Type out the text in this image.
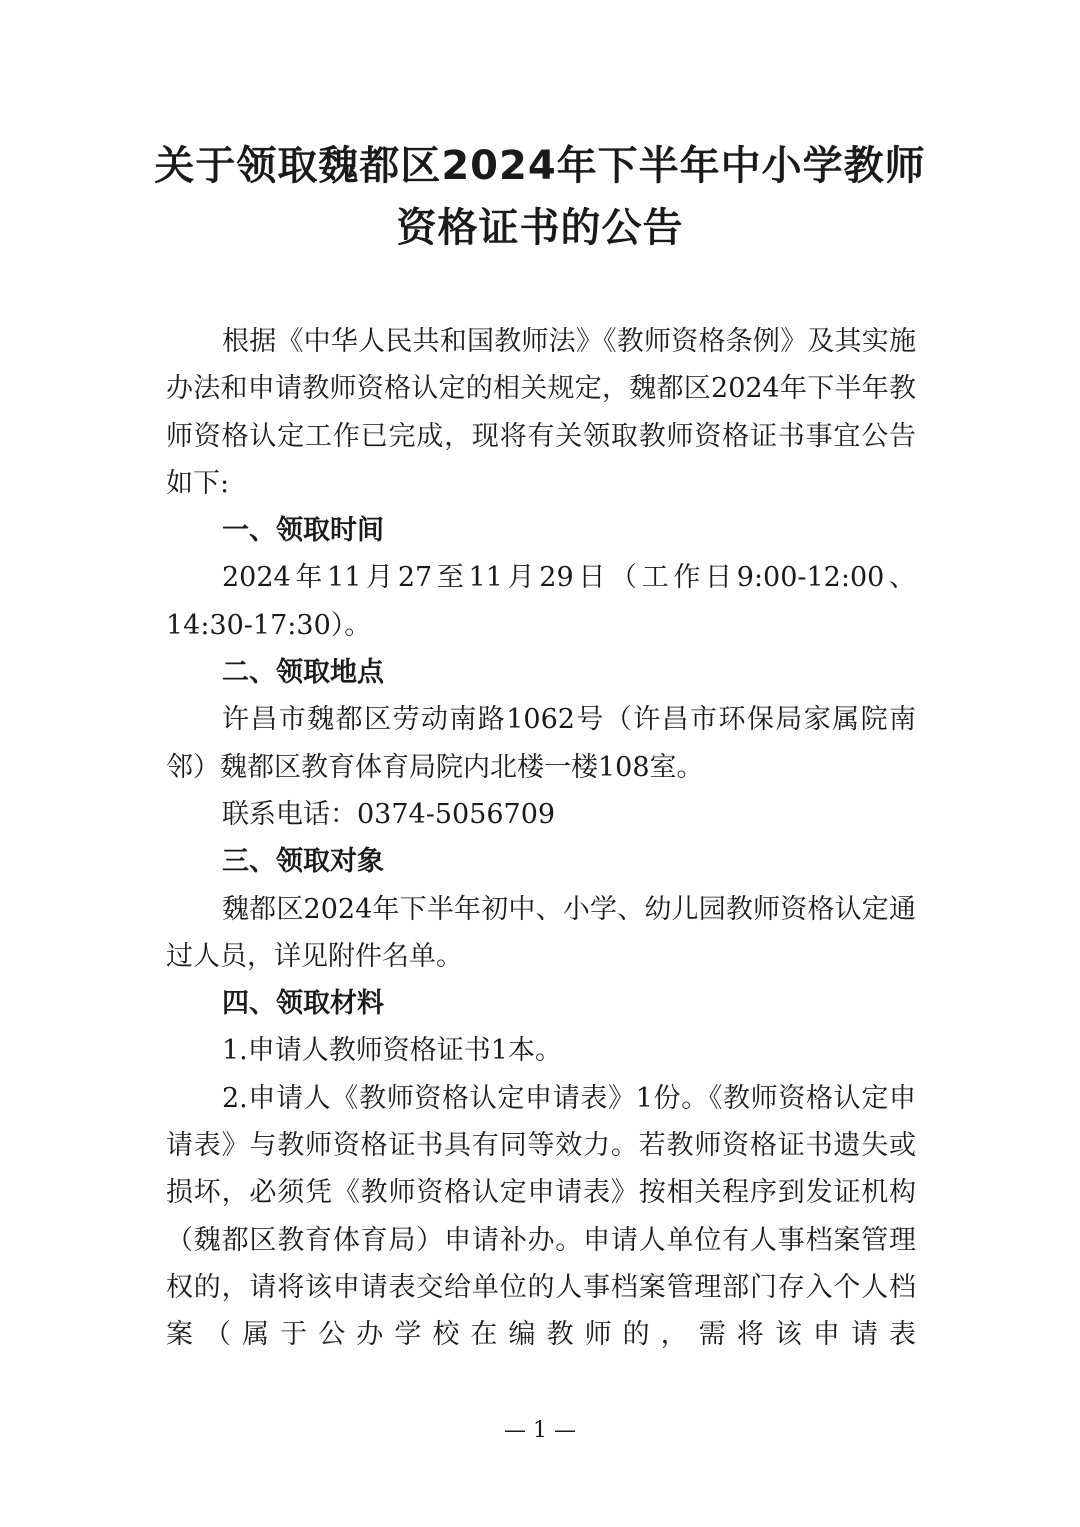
关于领取魏都区2024年下半年中小学教师
资格证书的公告

根据《中华人民共和国教师法》《教师资格条例》及其实施办法和申请教师资格认定的相关规定，魏都区2024年下半年教师资格认定工作已完成，现将有关领取教师资格证书事宜公告如下:

一、领取时间

2024年11月27至11月29日（工作日9:00-12:00、14:30-17:30）。

二、领取地点

许昌市魏都区劳动南路1062号（许昌市环保局家属院南邻）魏都区教育体育局院内北楼一楼108室。

联系电话：0374-5056709

三、领取对象

魏都区2024年下半年初中、小学、幼儿园教师资格认定通过人员，详见附件名单。

四、领取材料

1.申请人教师资格证书1本。

2.申请人《教师资格认定申请表》1份。《教师资格认定申请表》与教师资格证书具有同等效力。若教师资格证书遗失或损坏，必须凭《教师资格认定申请表》按相关程序到发证机构（魏都区教育体育局）申请补办。申请人单位有人事档案管理权的，请将该申请表交给单位的人事档案管理部门存入个人档案（属于公办学校在编教师的，需将该申请表

— 1 —
